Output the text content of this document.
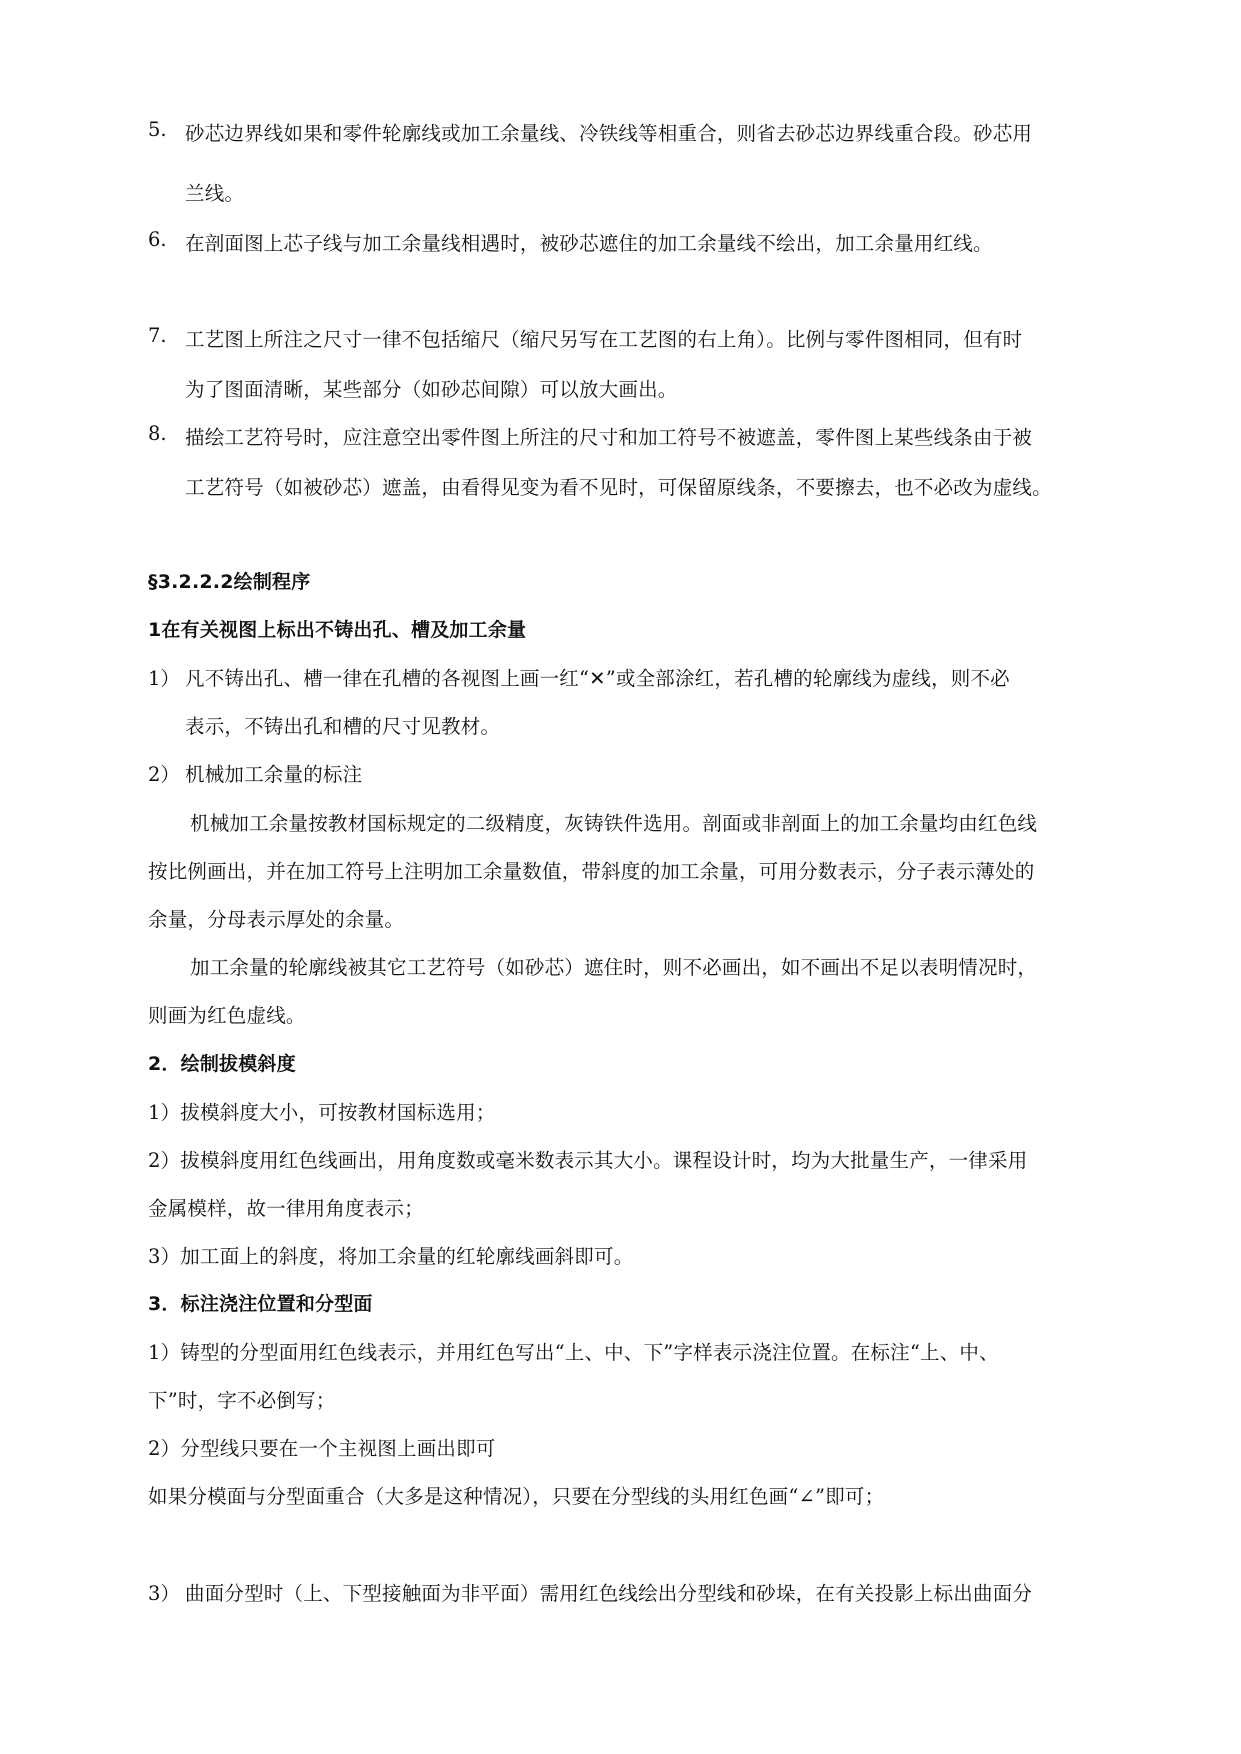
5. 砂芯边界线如果和零件轮廓线或加工余量线、冷铁线等相重合，则省去砂芯边界线重合段。砂芯用
兰线。
6. 在剖面图上芯子线与加工余量线相遇时，被砂芯遮住的加工余量线不绘出，加工余量用红线。
7. 工艺图上所注之尺寸一律不包括缩尺（缩尺另写在工艺图的右上角）。比例与零件图相同，但有时
为了图面清晰，某些部分（如砂芯间隙）可以放大画出。
8. 描绘工艺符号时，应注意空出零件图上所注的尺寸和加工符号不被遮盖，零件图上某些线条由于被
工艺符号（如被砂芯）遮盖，由看得见变为看不见时，可保留原线条，不要擦去，也不必改为虚线。
§3.2.2.2绘制程序
1在有关视图上标出不铸出孔、槽及加工余量
1） 凡不铸出孔、槽一律在孔槽的各视图上画一红“✕”或全部涂红，若孔槽的轮廓线为虚线，则不必
表示，不铸出孔和槽的尺寸见教材。
2） 机械加工余量的标注
机械加工余量按教材国标规定的二级精度，灰铸铁件选用。剖面或非剖面上的加工余量均由红色线
按比例画出，并在加工符号上注明加工余量数值，带斜度的加工余量，可用分数表示，分子表示薄处的
余量，分母表示厚处的余量。
加工余量的轮廓线被其它工艺符号（如砂芯）遮住时，则不必画出，如不画出不足以表明情况时，
则画为红色虚线。
2．绘制拔模斜度
1）拔模斜度大小，可按教材国标选用；
2）拔模斜度用红色线画出，用角度数或毫米数表示其大小。课程设计时，均为大批量生产，一律采用
金属模样，故一律用角度表示；
3）加工面上的斜度，将加工余量的红轮廓线画斜即可。
3．标注浇注位置和分型面
1）铸型的分型面用红色线表示，并用红色写出“上、中、下”字样表示浇注位置。在标注“上、中、
下”时，字不必倒写；
2）分型线只要在一个主视图上画出即可
如果分模面与分型面重合（大多是这种情况），只要在分型线的头用红色画“∠”即可；
3） 曲面分型时（上、下型接触面为非平面）需用红色线绘出分型线和砂垛，在有关投影上标出曲面分
